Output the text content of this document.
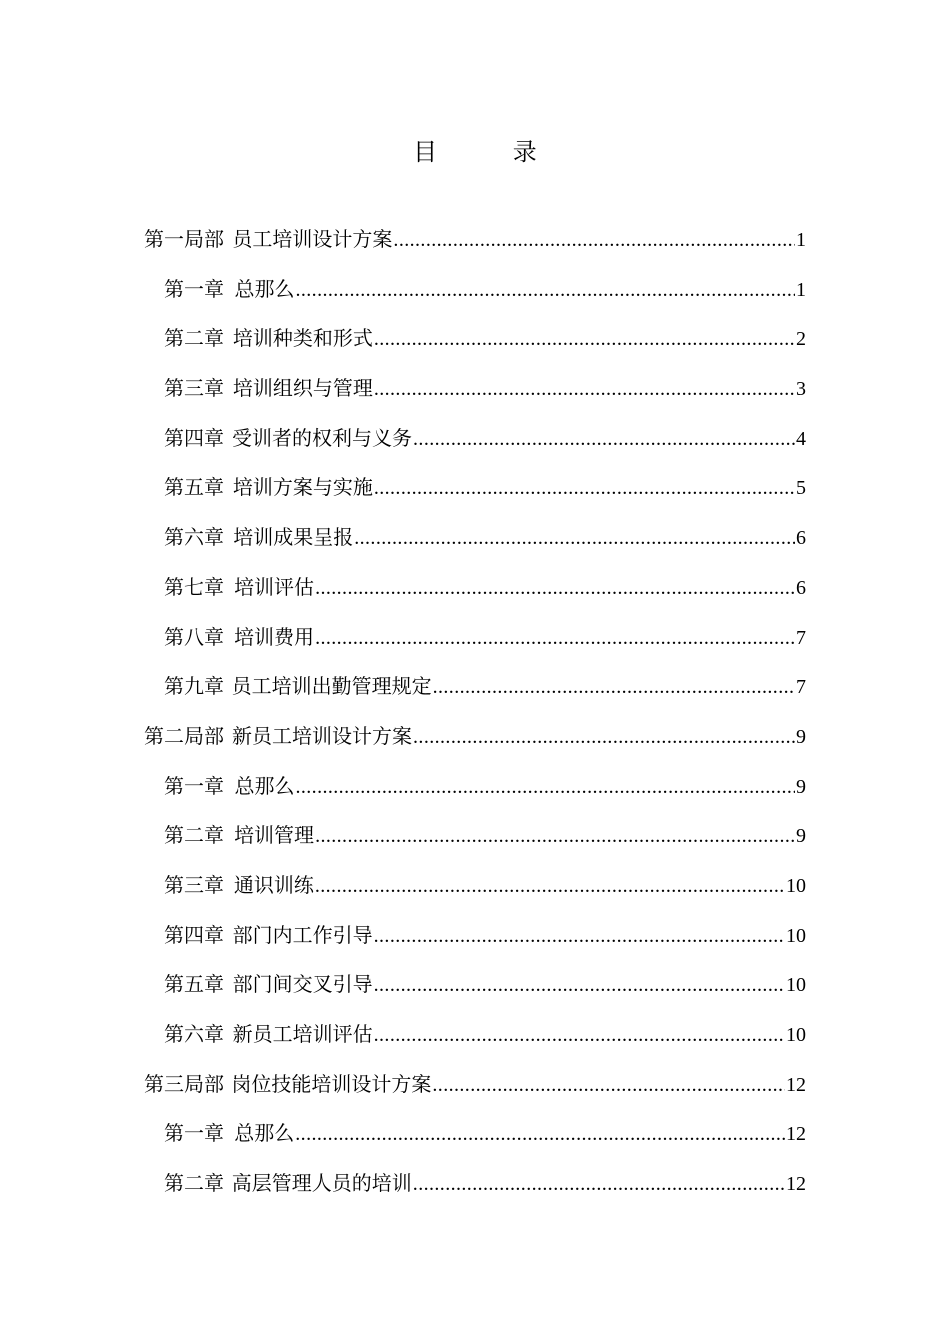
目 录
第一局部 员工培训设计方案 .....	1
第一章 总那么 .....	1
第二章 培训种类和形式 .....	2
第三章 培训组织与管理 .....	3
第四章 受训者的权利与义务 .....	4
第五章 培训方案与实施 .....	5
第六章 培训成果呈报 .....	6
第七章 培训评估 .....	6
第八章 培训费用 .....	7
第九章 员工培训出勤管理规定 .....	7
第二局部 新员工培训设计方案 .....	9
第一章 总那么 .....	9
第二章 培训管理 .....	9
第三章 通识训练 .....	10
第四章 部门内工作引导 .....	10
第五章 部门间交叉引导 .....	10
第六章 新员工培训评估 .....	10
第三局部 岗位技能培训设计方案 .....	12
第一章 总那么 .....	12
第二章 高层管理人员的培训 .....	12
